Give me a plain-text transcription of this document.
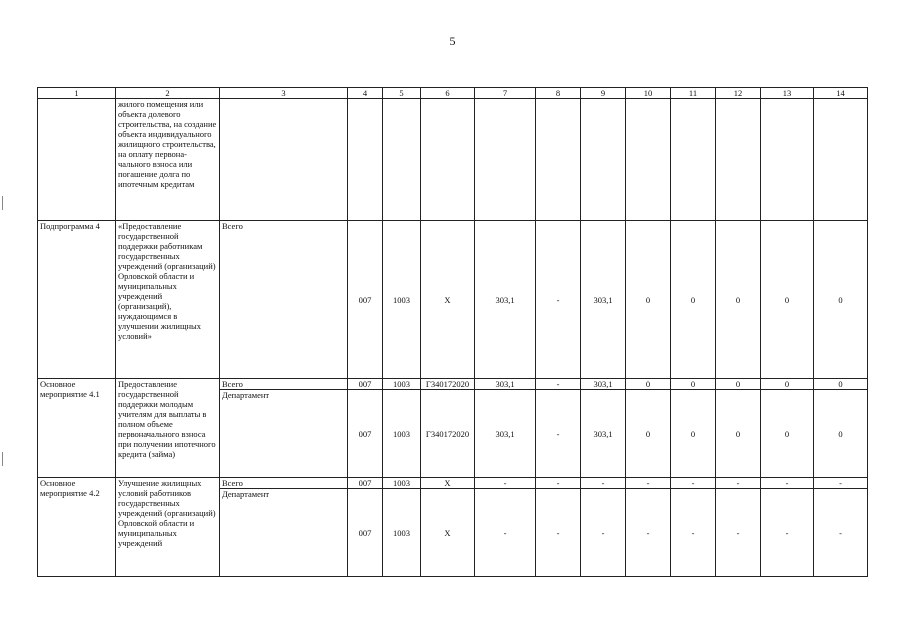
5
1	2	3	4	5	6	7	8	9	10	11	12	13	14
	жилого помещения или объекта долевого строительства, на создание объекта индивидуального жилищного строительства, на оплату первона-чального взноса или погашение долга по ипотечным кредитам												
Подпрограмма 4	«Предоставление государственной поддержки работникам государственных учреждений (организаций) Орловской области и муниципальных учреждений (организаций), нуждающимся в улучшении жилищных условий»	Всего	007	1003	Х	303,1	-	303,1	0	0	0	0	0
Основное мероприятие 4.1	Предоставление государственной поддержки молодым учителям для выплаты в полном объеме первоначального взноса при получении ипотечного кредита (займа)	Всего	007	1003	Г340172020	303,1	-	303,1	0	0	0	0	0
		Департамент	007	1003	Г340172020	303,1	-	303,1	0	0	0	0	0
Основное мероприятие 4.2	Улучшение жилищных условий работников государственных учреждений (организаций) Орловской области и муниципальных учреждений	Всего	007	1003	Х	-	-	-	-	-	-	-	-
		Департамент	007	1003	Х	-	-	-	-	-	-	-	-
